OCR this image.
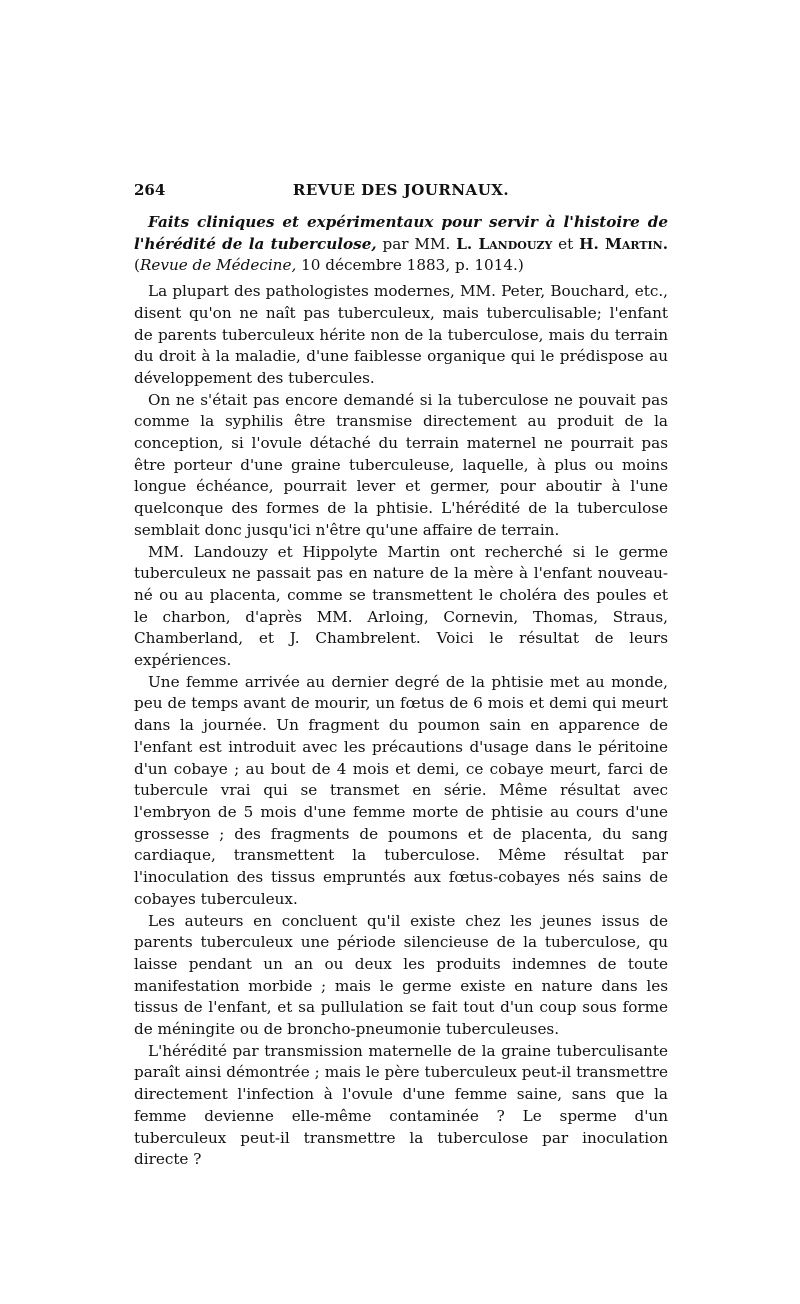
264	REVUE DES JOURNAUX.
Faits cliniques et expérimentaux pour servir à l'histoire de l'hérédité de la tuberculose, par MM. L. Landouzy et H. Martin. (Revue de Médecine, 10 décembre 1883, p. 1014.)

La plupart des pathologistes modernes, MM. Peter, Bouchard, etc., disent qu'on ne naît pas tuberculeux, mais tuberculisable; l'enfant de parents tuberculeux hérite non de la tuberculose, mais du terrain du droit à la maladie, d'une faiblesse organique qui le prédispose au développement des tubercules.

On ne s'était pas encore demandé si la tuberculose ne pouvait pas comme la syphilis être transmise directement au produit de la conception, si l'ovule détaché du terrain maternel ne pourrait pas être porteur d'une graine tuberculeuse, laquelle, à plus ou moins longue échéance, pourrait lever et germer, pour aboutir à l'une quelconque des formes de la phtisie. L'hérédité de la tuberculose semblait donc jusqu'ici n'être qu'une affaire de terrain.

MM. Landouzy et Hippolyte Martin ont recherché si le germe tuberculeux ne passait pas en nature de la mère à l'enfant nouveau-né ou au placenta, comme se transmettent le choléra des poules et le charbon, d'après MM. Arloing, Cornevin, Thomas, Straus, Chamberland, et J. Chambrelent. Voici le résultat de leurs expériences.

Une femme arrivée au dernier degré de la phtisie met au monde, peu de temps avant de mourir, un fœtus de 6 mois et demi qui meurt dans la journée. Un fragment du poumon sain en apparence de l'enfant est introduit avec les précautions d'usage dans le péritoine d'un cobaye ; au bout de 4 mois et demi, ce cobaye meurt, farci de tubercule vrai qui se transmet en série. Même résultat avec l'embryon de 5 mois d'une femme morte de phtisie au cours d'une grossesse ; des fragments de poumons et de placenta, du sang cardiaque, transmettent la tuberculose. Même résultat par l'inoculation des tissus empruntés aux fœtus-cobayes nés sains de cobayes tuberculeux.

Les auteurs en concluent qu'il existe chez les jeunes issus de parents tuberculeux une période silencieuse de la tuberculose, qu laisse pendant un an ou deux les produits indemnes de toute manifestation morbide ; mais le germe existe en nature dans les tissus de l'enfant, et sa pullulation se fait tout d'un coup sous forme de méningite ou de broncho-pneumonie tuberculeuses.

L'hérédité par transmission maternelle de la graine tuberculisante paraît ainsi démontrée ; mais le père tuberculeux peut-il transmettre directement l'infection à l'ovule d'une femme saine, sans que la femme devienne elle-même contaminée ? Le sperme d'un tuberculeux peut-il transmettre la tuberculose par inoculation directe ?
